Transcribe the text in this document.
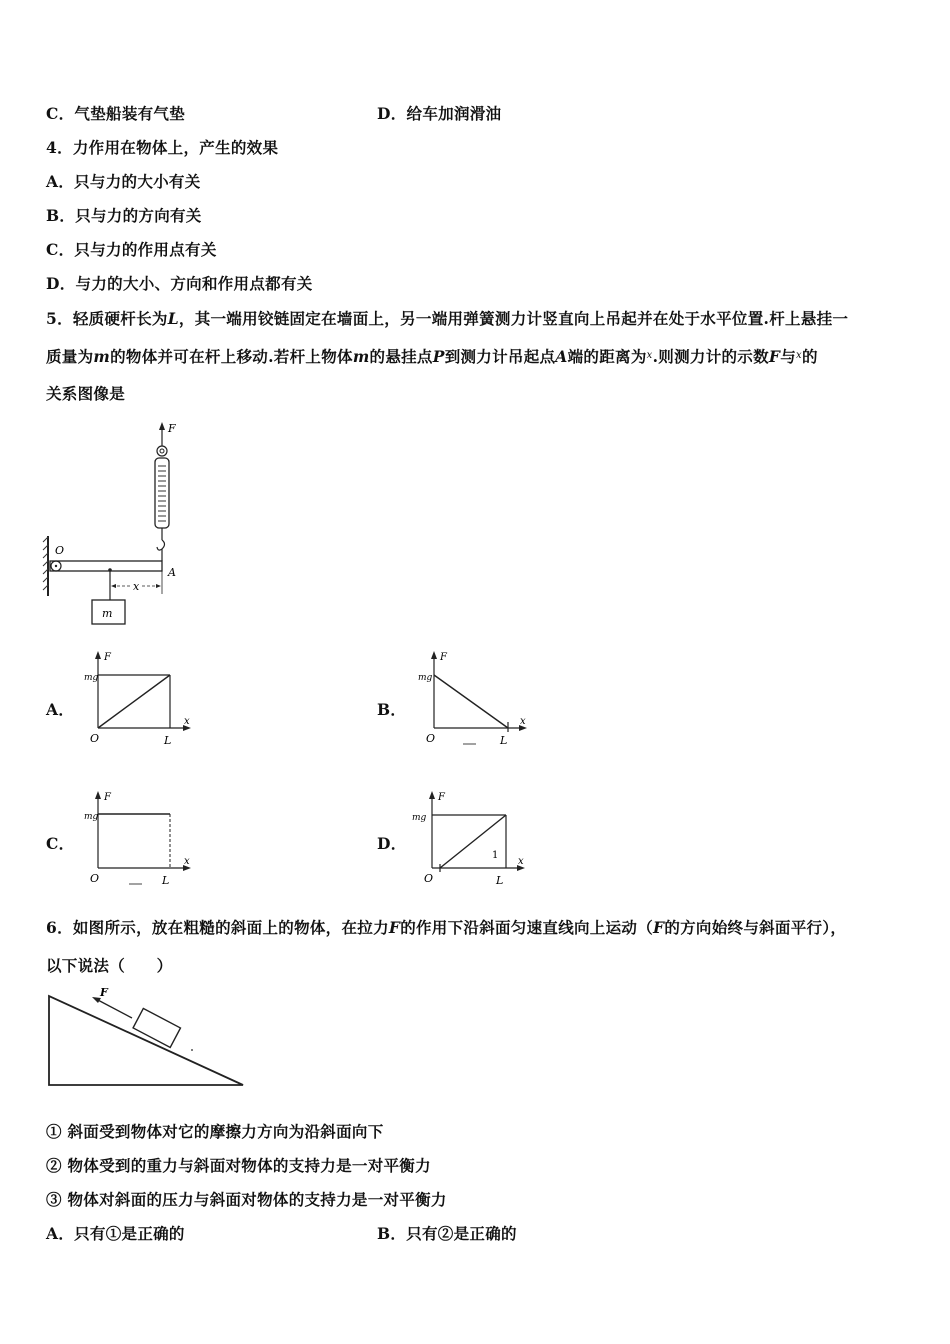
C．气垫船装有气垫	D．给车加润滑油
4．力作用在物体上，产生的效果
A．只与力的大小有关
B．只与力的方向有关
C．只与力的作用点有关
D．与力的大小、方向和作用点都有关
5．轻质硬杆长为L，其一端用铰链固定在墙面上，另一端用弹簧测力计竖直向上吊起并在处于水平位置.杆上悬挂一
质量为m的物体并可在杆上移动.若杆上物体m的悬挂点P到测力计吊起点A端的距离为$^x$.则测力计的示数F与$^x$的
关系图像是
F
O
A
m
x
A．	B．
C．	D．
F
mg
x
O	L
F
mg
x
O	L
F
mg
x
O	L
F
mg
x
O	L
1
6．如图所示，放在粗糙的斜面上的物体，在拉力F的作用下沿斜面匀速直线向上运动（F的方向始终与斜面平行），
以下说法（　　）
F
① 斜面受到物体对它的摩擦力方向为沿斜面向下
② 物体受到的重力与斜面对物体的支持力是一对平衡力
③ 物体对斜面的压力与斜面对物体的支持力是一对平衡力
A．只有①是正确的	B．只有②是正确的
